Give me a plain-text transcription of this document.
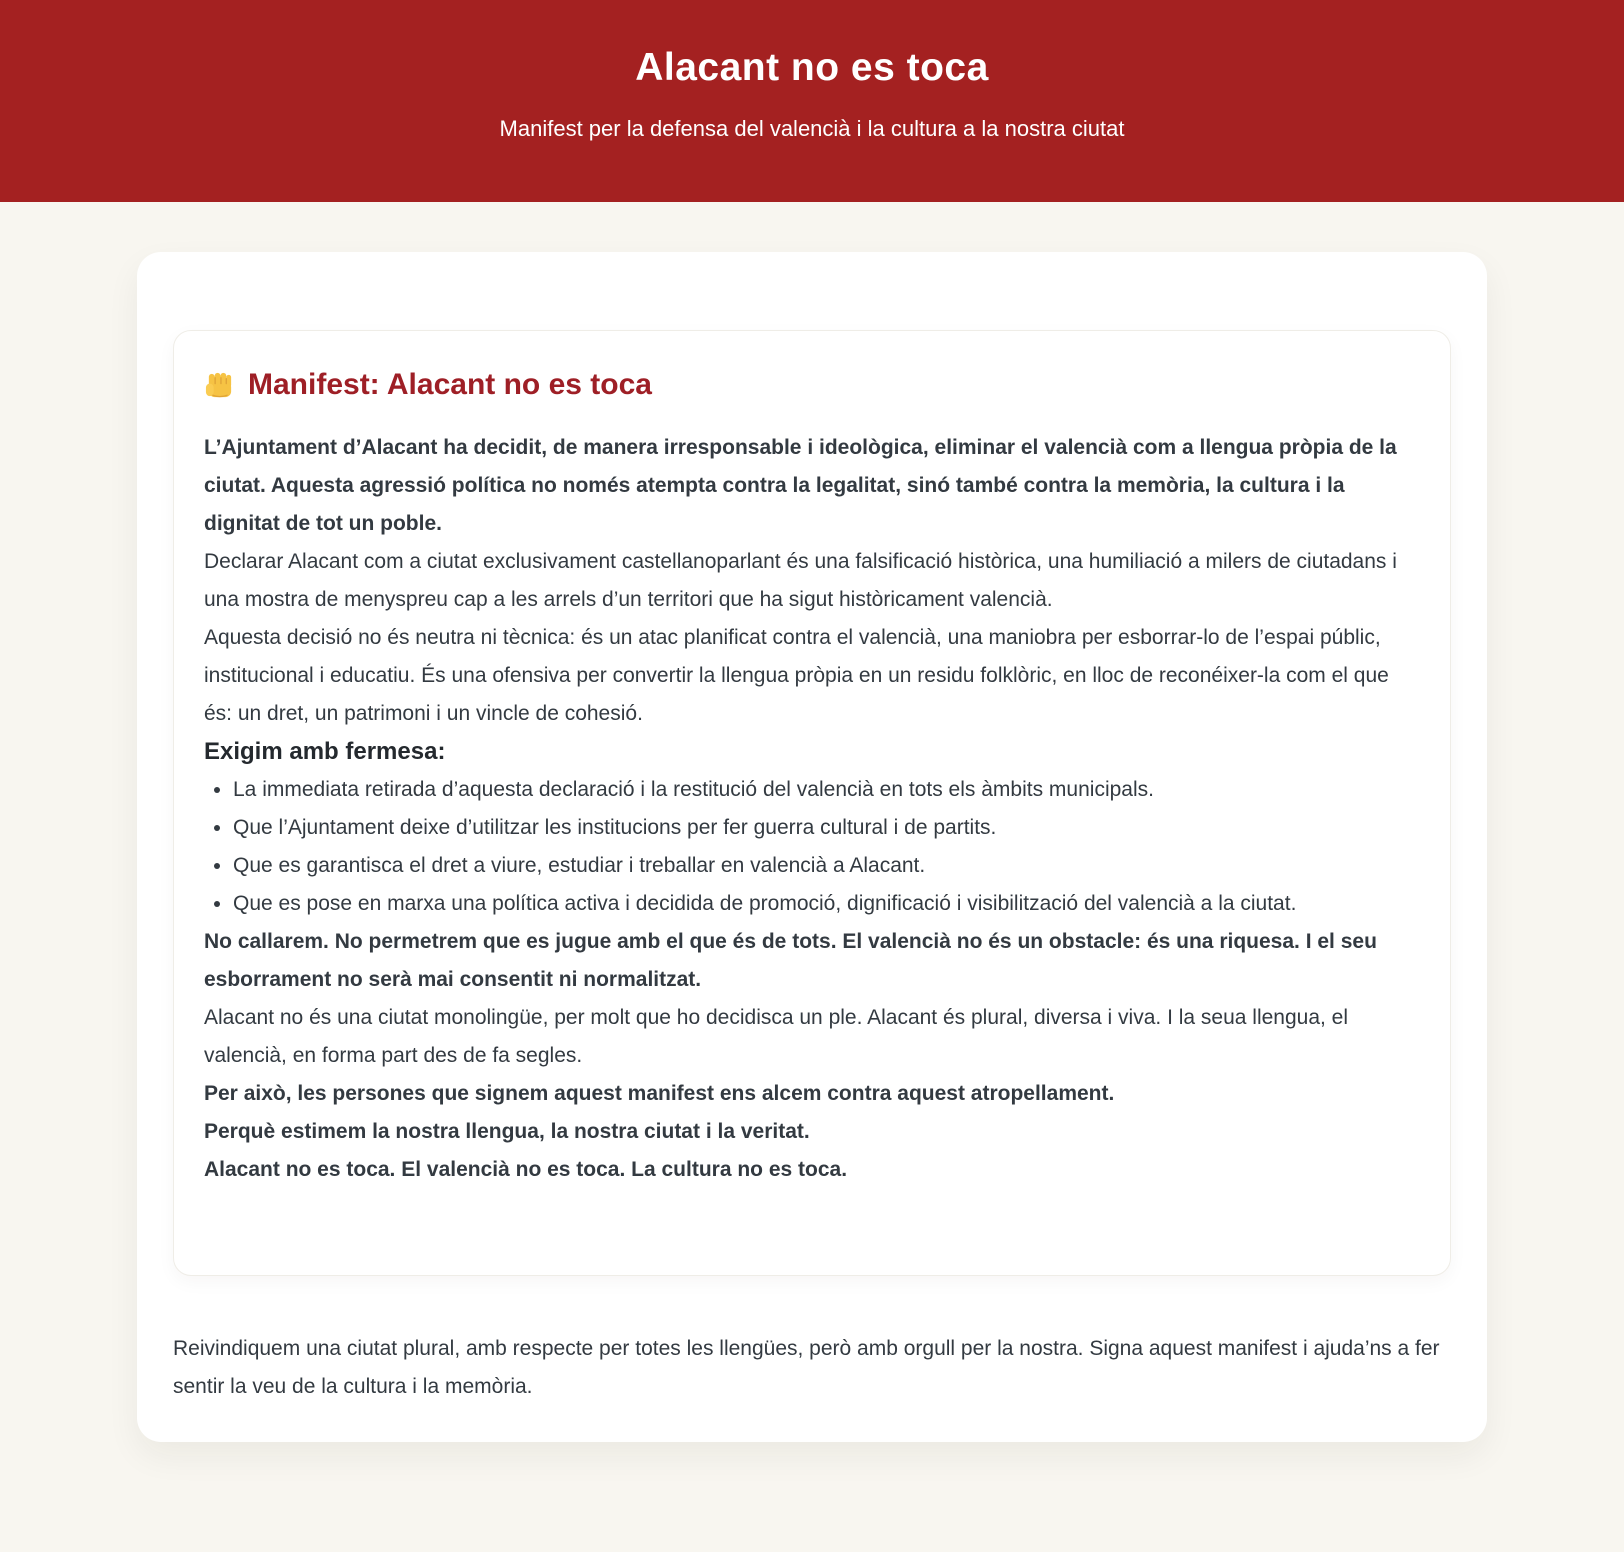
Alacant no es toca

Manifest per la defensa del valencià i la cultura a la nostra ciutat

Manifest: Alacant no es toca

L’Ajuntament d’Alacant ha decidit, de manera irresponsable i ideològica, eliminar el valencià com a llengua pròpia de la ciutat. Aquesta agressió política no només atempta contra la legalitat, sinó també contra la memòria, la cultura i la dignitat de tot un poble.

Declarar Alacant com a ciutat exclusivament castellanoparlant és una falsificació històrica, una humiliació a milers de ciutadans i una mostra de menyspreu cap a les arrels d’un territori que ha sigut històricament valencià.

Aquesta decisió no és neutra ni tècnica: és un atac planificat contra el valencià, una maniobra per esborrar-lo de l’espai públic, institucional i educatiu. És una ofensiva per convertir la llengua pròpia en un residu folklòric, en lloc de reconéixer-la com el que és: un dret, un patrimoni i un vincle de cohesió.

Exigim amb fermesa:
• La immediata retirada d’aquesta declaració i la restitució del valencià en tots els àmbits municipals.
• Que l’Ajuntament deixe d’utilitzar les institucions per fer guerra cultural i de partits.
• Que es garantisca el dret a viure, estudiar i treballar en valencià a Alacant.
• Que es pose en marxa una política activa i decidida de promoció, dignificació i visibilització del valencià a la ciutat.

No callarem. No permetrem que es jugue amb el que és de tots. El valencià no és un obstacle: és una riquesa. I el seu esborrament no serà mai consentit ni normalitzat.

Alacant no és una ciutat monolingüe, per molt que ho decidisca un ple. Alacant és plural, diversa i viva. I la seua llengua, el valencià, en forma part des de fa segles.

Per això, les persones que signem aquest manifest ens alcem contra aquest atropellament.

Perquè estimem la nostra llengua, la nostra ciutat i la veritat.

Alacant no es toca. El valencià no es toca. La cultura no es toca.

Reivindiquem una ciutat plural, amb respecte per totes les llengües, però amb orgull per la nostra. Signa aquest manifest i ajuda’ns a fer sentir la veu de la cultura i la memòria.
